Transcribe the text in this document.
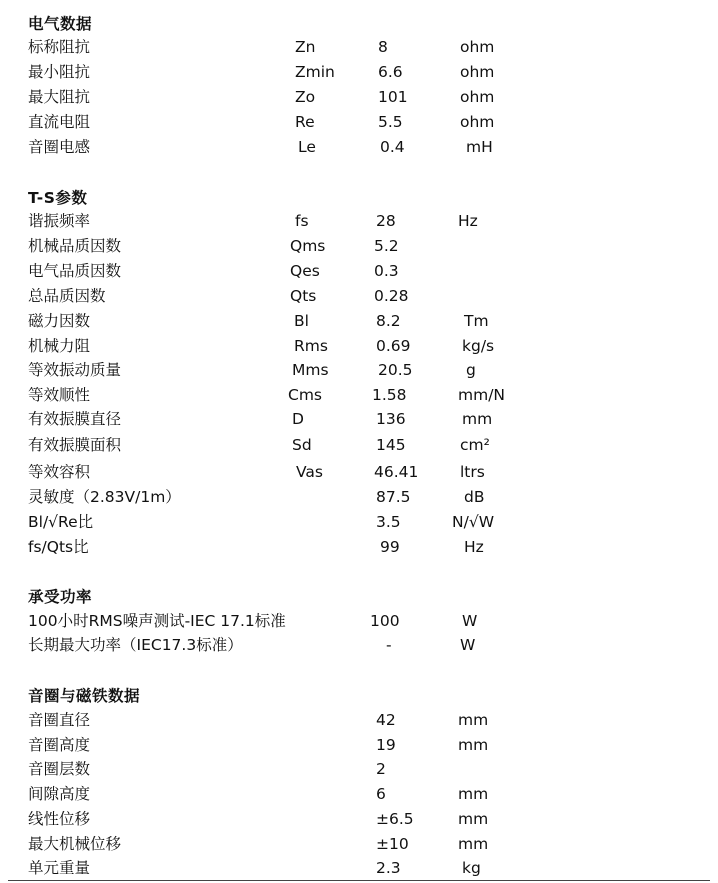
电气数据
标称阻抗	Zn	8	ohm
最小阻抗	Zmin	6.6	ohm
最大阻抗	Zo	101	ohm
直流电阻	Re	5.5	ohm
音圈电感	Le	0.4	mH
T-S参数
谐振频率	fs	28	Hz
机械品质因数	Qms	5.2
电气品质因数	Qes	0.3
总品质因数	Qts	0.28
磁力因数	Bl	8.2	Tm
机械力阻	Rms	0.69	kg/s
等效振动质量	Mms	20.5	g
等效顺性	Cms	1.58	mm/N
有效振膜直径	D	136	mm
有效振膜面积	Sd	145	cm²
等效容积	Vas	46.41	ltrs
灵敏度（2.83V/1m）	87.5	dB
Bl/√Re比	3.5	N/√W
fs/Qts比	99	Hz
承受功率
100小时RMS噪声测试-IEC 17.1标准	100	W
长期最大功率（IEC17.3标准）	-	W
音圈与磁铁数据
音圈直径	42	mm
音圈高度	19	mm
音圈层数	2
间隙高度	6	mm
线性位移	±6.5	mm
最大机械位移	±10	mm
单元重量	2.3	kg
